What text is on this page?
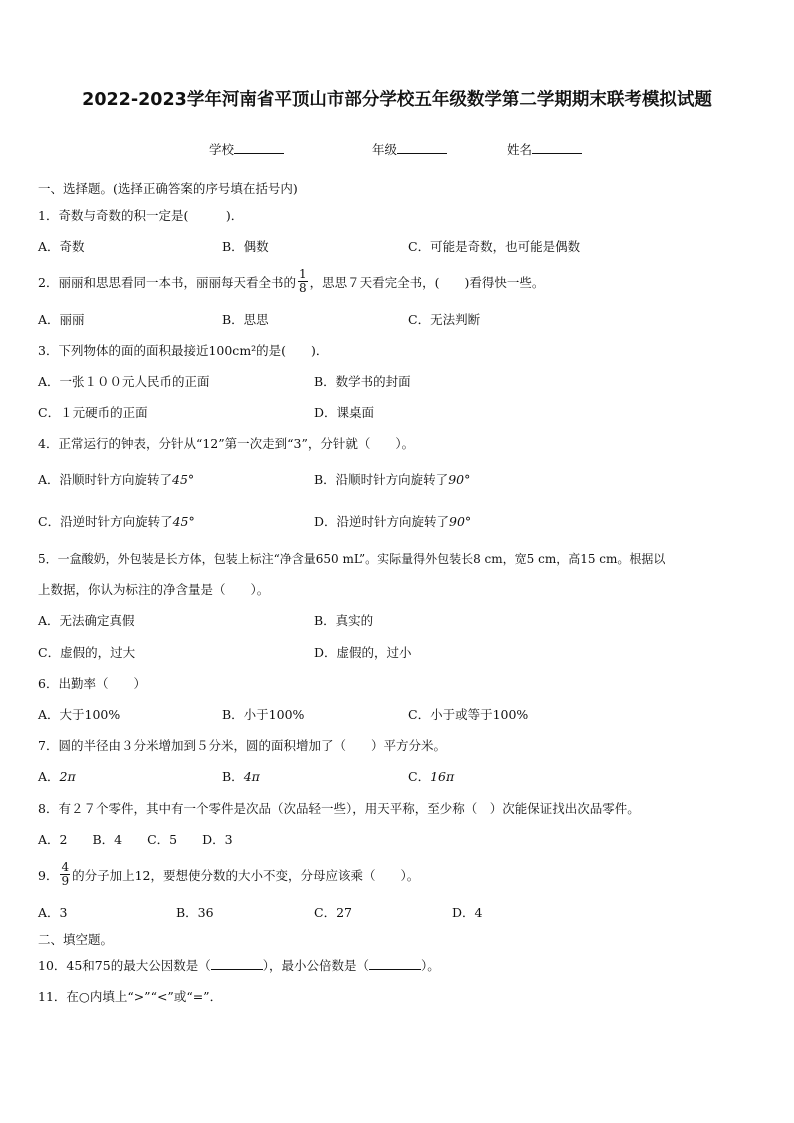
2022-2023学年河南省平顶山市部分学校五年级数学第二学期期末联考模拟试题
学校	年级	姓名
一、选择题。(选择正确答案的序号填在括号内)
1．奇数与奇数的积一定是(　　　)．
A．奇数	B．偶数	C．可能是奇数，也可能是偶数
2．丽丽和思思看同一本书，丽丽每天看全书的 $\frac{1}{8}$ ，思思７天看完全书，(　　)看得快一些。
A．丽丽	B．思思	C．无法判断
3．下列物体的面的面积最接近100cm²的是(　　)．
A．一张１００元人民币的正面	B．数学书的封面
C．１元硬币的正面	D．课桌面
4．正常运行的钟表，分针从“12”第一次走到“3”，分针就（　　）。
A．沿顺时针方向旋转了45°	B．沿顺时针方向旋转了90°
C．沿逆时针方向旋转了45°	D．沿逆时针方向旋转了90°
5．一盒酸奶，外包装是长方体，包装上标注“净含量650 mL”。实际量得外包装长8 cm，宽5 cm，高15 cm。根据以
上数据，你认为标注的净含量是（　　）。
A．无法确定真假	B．真实的
C．虚假的，过大	D．虚假的，过小
6．出勤率（　　）
A．大于100%	B．小于100%	C．小于或等于100%
7．圆的半径由３分米增加到５分米，圆的面积增加了（　　）平方分米。
A．2π	B．4π	C．16π
8．有２７个零件，其中有一个零件是次品（次品轻一些），用天平称，至少称（　）次能保证找出次品零件。
A．2　　B．4　　C．5　　D．3
9． $\frac{4}{9}$ 的分子加上12，要想使分数的大小不变，分母应该乘（　　）。
A．3	B．36	C．27	D．4
二、填空题。
10．45和75的最大公因数是（	），最小公倍数是（	）。
11．在○内填上“>”“<”或“=”．
